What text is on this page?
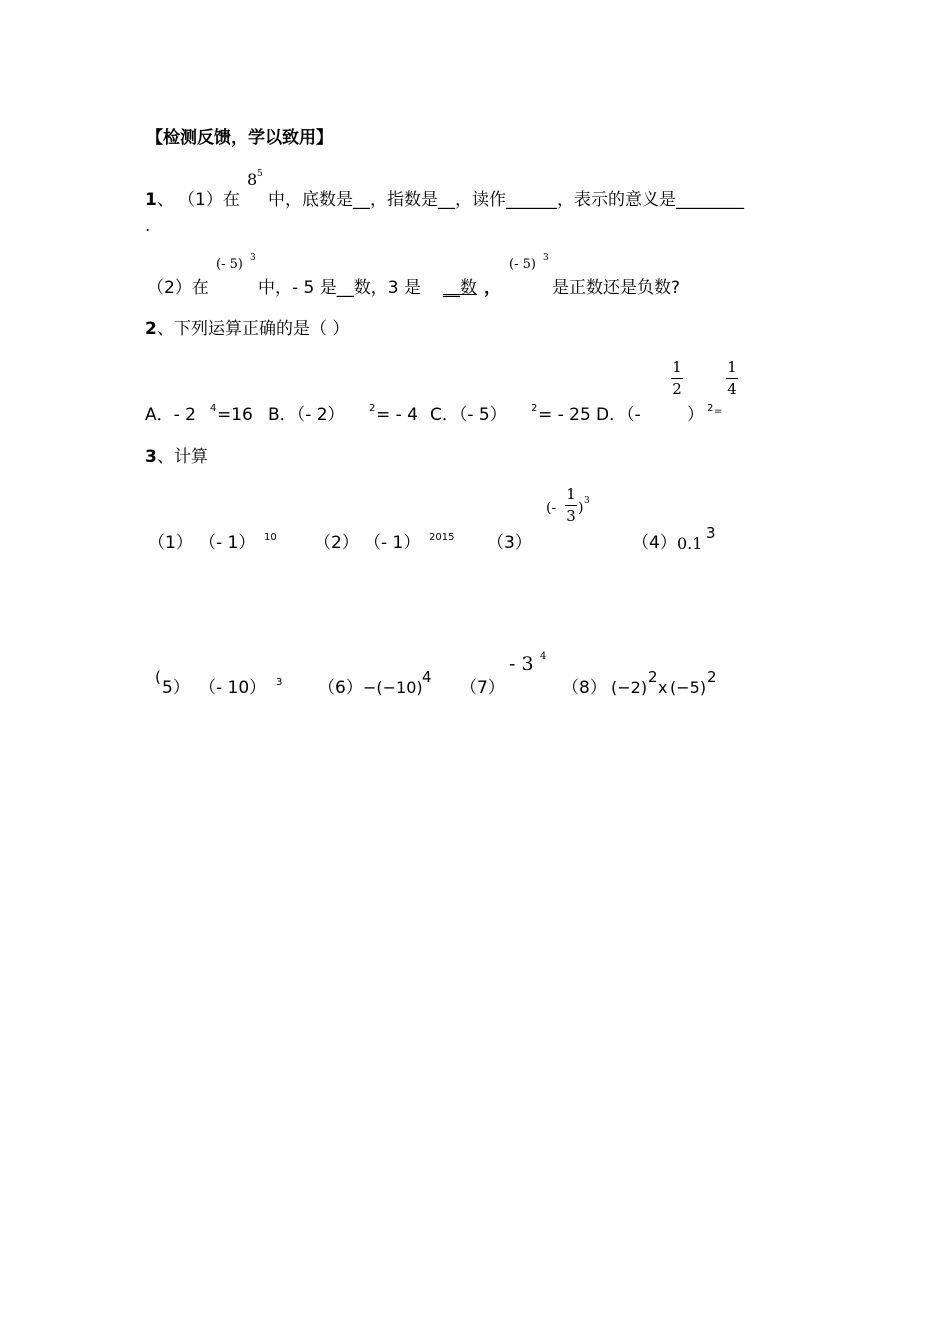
【检测反馈，学以致用】
1 、 （1）在
8 5
中，底数是__，指数是__，读作______，表示的意义是________
.
（2）在
(- 5) 3
中，- 5 是__数，3 是 __数 ，
(- 5) 3
是正数还是负数?
2 、下列运算正确的是（ ）
A．- 2 4 =16 B．（- 2） 2 = - 4 C．（- 5） 2 = - 25 D．（-
1
2
） 2 =
1
4
3 、计算
（1） （- 1） 10 （2） （- 1） 2015 （3）
(-
1
3 ) 3
（4） 0.1
3
(
5） （- 10） 3 （6） −(−10)
4
（7）
- 3 4
（8） (−2)
2
x (−5)
2
